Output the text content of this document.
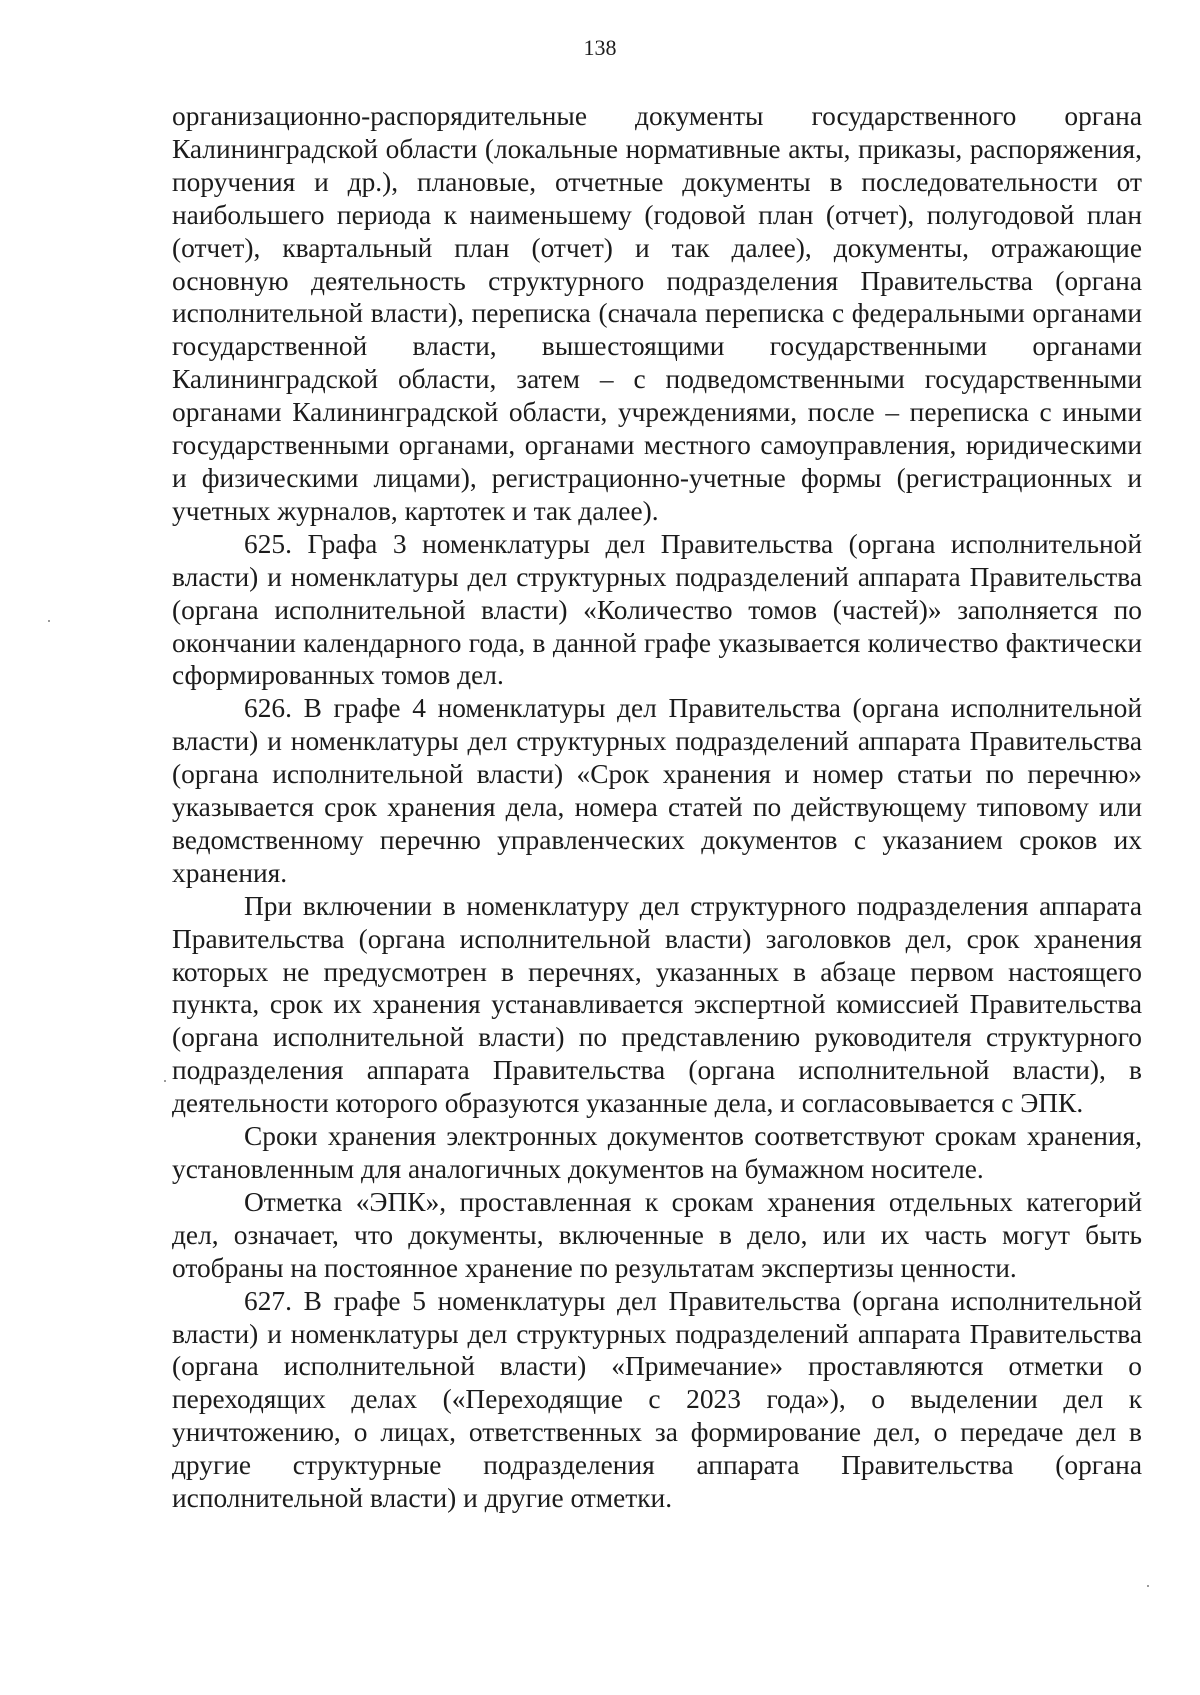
138

организационно-распорядительные документы государственного органа Калининградской области (локальные нормативные акты, приказы, распоряжения, поручения и др.), плановые, отчетные документы в последовательности от наибольшего периода к наименьшему (годовой план (отчет), полугодовой план (отчет), квартальный план (отчет) и так далее), документы, отражающие основную деятельность структурного подразделения Правительства (органа исполнительной власти), переписка (сначала переписка с федеральными органами государственной власти, вышестоящими государственными органами Калининградской области, затем – с подведомственными государственными органами Калининградской области, учреждениями, после – переписка с иными государственными органами, органами местного самоуправления, юридическими и физическими лицами), регистрационно-учетные формы (регистрационных и учетных журналов, картотек и так далее).

625. Графа 3 номенклатуры дел Правительства (органа исполнительной власти) и номенклатуры дел структурных подразделений аппарата Правительства (органа исполнительной власти) «Количество томов (частей)» заполняется по окончании календарного года, в данной графе указывается количество фактически сформированных томов дел.

626. В графе 4 номенклатуры дел Правительства (органа исполнительной власти) и номенклатуры дел структурных подразделений аппарата Правительства (органа исполнительной власти) «Срок хранения и номер статьи по перечню» указывается срок хранения дела, номера статей по действующему типовому или ведомственному перечню управленческих документов с указанием сроков их хранения.

При включении в номенклатуру дел структурного подразделения аппарата Правительства (органа исполнительной власти) заголовков дел, срок хранения которых не предусмотрен в перечнях, указанных в абзаце первом настоящего пункта, срок их хранения устанавливается экспертной комиссией Правительства (органа исполнительной власти) по представлению руководителя структурного подразделения аппарата Правительства (органа исполнительной власти), в деятельности которого образуются указанные дела, и согласовывается с ЭПК.

Сроки хранения электронных документов соответствуют срокам хранения, установленным для аналогичных документов на бумажном носителе.

Отметка «ЭПК», проставленная к срокам хранения отдельных категорий дел, означает, что документы, включенные в дело, или их часть могут быть отобраны на постоянное хранение по результатам экспертизы ценности.

627. В графе 5 номенклатуры дел Правительства (органа исполнительной власти) и номенклатуры дел структурных подразделений аппарата Правительства (органа исполнительной власти) «Примечание» проставляются отметки о переходящих делах («Переходящие с 2023 года»), о выделении дел к уничтожению, о лицах, ответственных за формирование дел, о передаче дел в другие структурные подразделения аппарата Правительства (органа исполнительной власти) и другие отметки.
